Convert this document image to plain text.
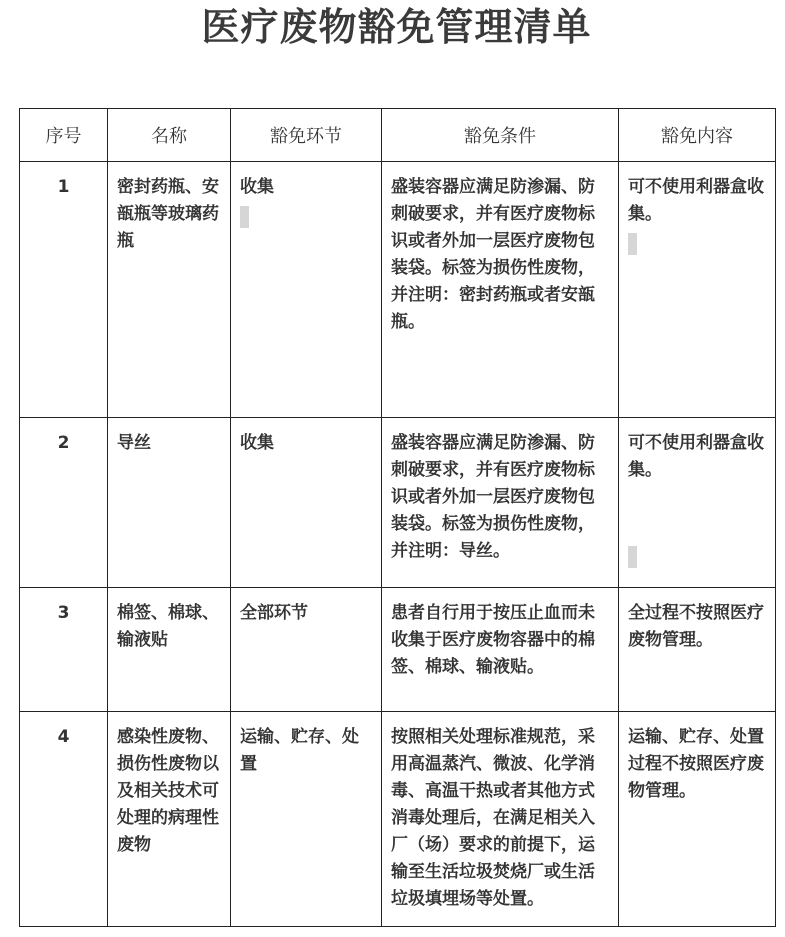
医疗废物豁免管理清单
序号	名称	豁免环节	豁免条件	豁免内容

1	密封药瓶、安瓿瓶等玻璃药瓶	收集	盛装容器应满足防渗漏、防刺破要求，并有医疗废物标识或者外加一层医疗废物包装袋。标签为损伤性废物，并注明：密封药瓶或者安瓿瓶。	可不使用利器盒收集。

2	导丝	收集	盛装容器应满足防渗漏、防刺破要求，并有医疗废物标识或者外加一层医疗废物包装袋。标签为损伤性废物，并注明：导丝。	可不使用利器盒收集。

3	棉签、棉球、输液贴	全部环节	患者自行用于按压止血而未收集于医疗废物容器中的棉签、棉球、输液贴。	全过程不按照医疗废物管理。

4	感染性废物、损伤性废物以及相关技术可处理的病理性废物	运输、贮存、处置	按照相关处理标准规范，采用高温蒸汽、微波、化学消毒、高温干热或者其他方式消毒处理后，在满足相关入厂（场）要求的前提下，运输至生活垃圾焚烧厂或生活垃圾填埋场等处置。	运输、贮存、处置过程不按照医疗废物管理。
